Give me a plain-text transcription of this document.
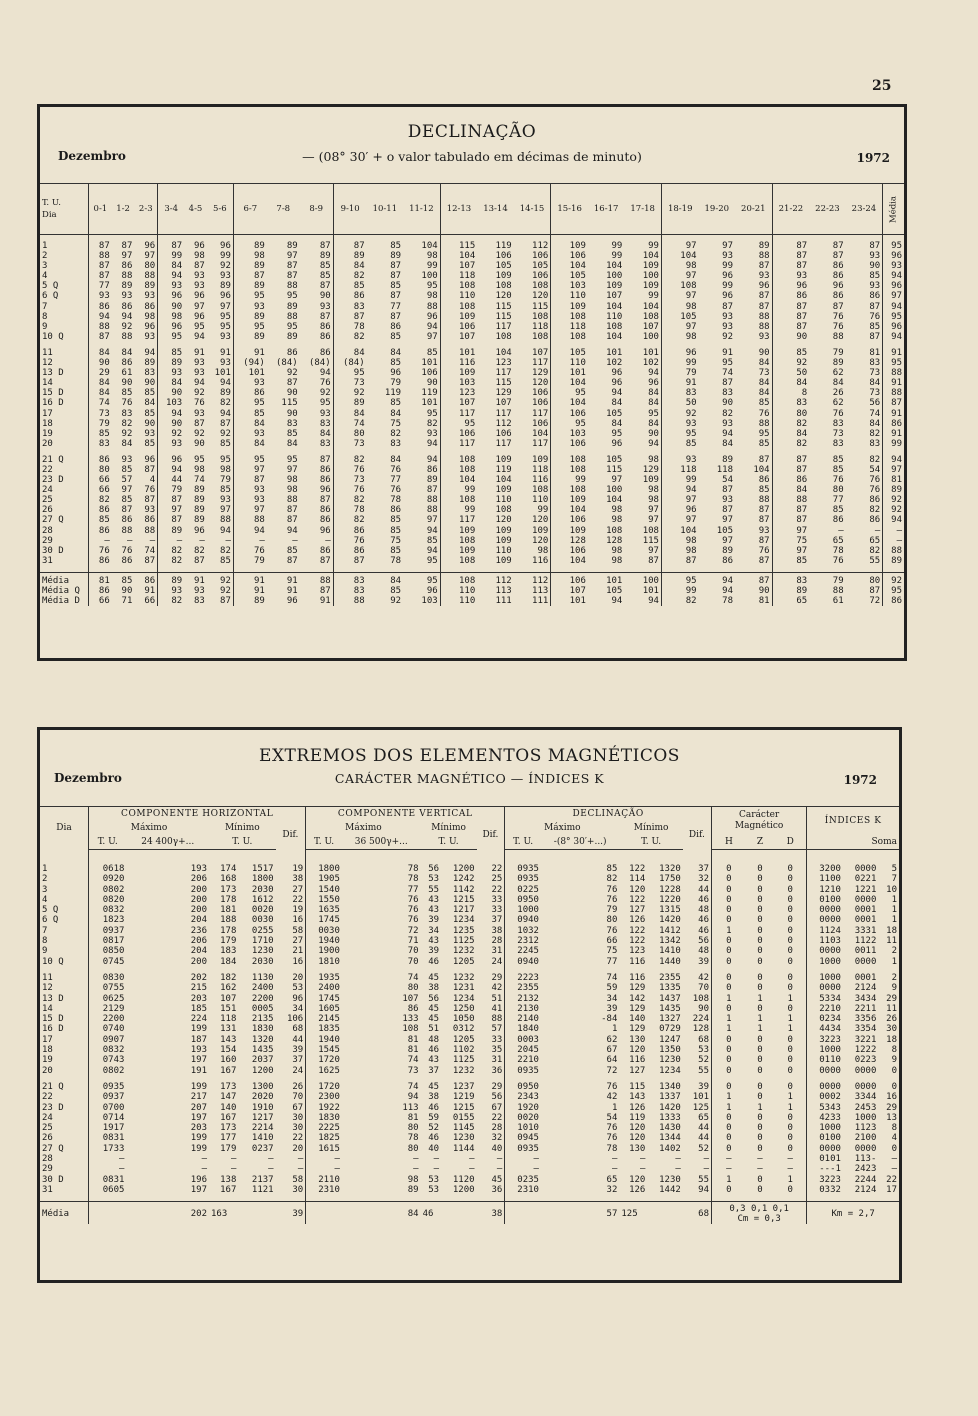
25
DECLINAÇÃO
Dezembro	— (08° 30′ + o valor tabulado em décimas de minuto)	1972
T. U.
Dia	0-1	1-2	2-3	3-4	4-5	5-6	6-7	7-8	8-9	9-10	10-11	11-12	12-13	13-14	14-15	15-16	16-17	17-18	18-19	19-20	20-21	21-22	22-23	23-24	Média

1	87	87	96	87	96	96	89	89	87	87	85	104	115	119	112	109	99	99	97	97	89	87	87	87	95
2	88	97	97	99	98	99	98	97	89	89	89	98	104	106	106	106	99	104	104	93	88	87	87	93	96
3	87	86	80	84	87	92	89	87	85	84	87	99	107	105	105	104	104	109	98	99	87	87	86	90	93
4	87	88	88	94	93	93	87	87	85	82	87	100	118	109	106	105	100	100	97	96	93	93	86	85	94
5 Q	77	89	89	93	93	89	89	88	87	85	85	95	108	108	108	103	109	109	108	99	96	96	96	93	96
6 Q	93	93	93	96	96	96	95	95	90	86	87	98	110	120	120	110	107	99	97	96	87	86	86	86	97
7	86	86	86	90	97	97	93	89	93	83	77	88	108	115	115	109	104	104	98	87	87	87	87	87	94
8	94	94	98	98	96	95	89	88	87	87	87	96	109	115	108	108	110	108	105	93	88	87	76	76	95
9	88	92	96	96	95	95	95	95	86	78	86	94	106	117	118	118	108	107	97	93	88	87	76	85	96
10 Q	87	88	93	95	94	93	89	89	86	82	85	97	107	108	108	108	104	100	98	92	93	90	88	87	94

11	84	84	94	85	91	91	91	86	86	84	84	85	101	104	107	105	101	101	96	91	90	85	79	81	91
12	90	86	89	89	93	93	(94)	(84)	(84)	(84)	85	101	116	123	117	110	102	102	99	95	84	92	89	83	95
13 D	29	61	83	93	93	101	101	92	94	95	96	106	109	117	129	101	96	94	79	74	73	50	62	73	88
14	84	90	90	84	94	94	93	87	76	73	79	90	103	115	120	104	96	96	91	87	84	84	84	84	91
15 D	84	85	85	90	92	89	86	90	92	92	119	119	123	129	106	95	94	84	83	83	84	8	26	73	88
16 D	74	76	84	103	76	82	95	115	95	89	85	101	107	107	106	104	84	84	50	90	85	83	62	56	87
17	73	83	85	94	93	94	85	90	93	84	84	95	117	117	117	106	105	95	92	82	76	80	76	74	91
18	79	82	90	90	87	87	84	83	83	74	75	82	95	112	106	95	84	84	93	93	88	82	83	84	86
19	85	92	93	92	92	92	93	85	84	80	82	93	106	106	104	103	95	90	95	94	95	84	73	82	91
20	83	84	85	93	90	85	84	84	83	73	83	94	117	117	117	106	96	94	85	84	85	82	83	83	99

21 Q	86	93	96	96	95	95	95	95	87	82	84	94	108	109	109	108	105	98	93	89	87	87	85	82	94
22	80	85	87	94	98	98	97	97	86	76	76	86	108	119	118	108	115	129	118	118	104	87	85	54	97
23 D	66	57	4	44	74	79	87	98	86	73	77	89	104	104	116	99	97	109	99	54	86	86	76	76	81
24	66	97	76	79	89	85	93	98	96	76	76	87	99	109	108	108	100	98	94	87	85	84	80	76	89
25	82	85	87	87	89	93	93	88	87	82	78	88	108	110	110	109	104	98	97	93	88	88	77	86	92
26	86	87	93	97	89	97	97	87	86	78	86	88	99	108	99	104	98	97	96	87	87	87	85	82	92
27 Q	85	86	86	87	89	88	88	87	86	82	85	97	117	120	120	106	98	97	97	97	87	87	86	86	94
28	86	88	88	89	96	94	94	94	96	86	85	94	109	109	109	109	108	108	104	105	93	97	—	—	—
29	—	—	—	—	—	—	—	—	—	76	75	85	108	109	120	128	128	115	98	97	87	75	65	65	—
30 D	76	76	74	82	82	82	76	85	86	86	85	94	109	110	98	106	98	97	98	89	76	97	78	82	88
31	86	86	87	82	87	85	79	87	87	87	78	95	108	109	116	104	98	87	87	86	87	85	76	55	89

Média	81	85	86	89	91	92	91	91	88	83	84	95	108	112	112	106	101	100	95	94	87	83	79	80	92
Média Q	86	90	91	93	93	92	91	91	87	83	85	96	110	113	113	107	105	101	99	94	90	89	88	87	95
Média D	66	71	66	82	83	87	89	96	91	88	92	103	110	111	111	101	94	94	82	78	81	65	61	72	86
EXTREMOS DOS ELEMENTOS MAGNÉTICOS
Dezembro	CARÁCTER MAGNÉTICO — ÍNDICES K	1972
Dia	COMPONENTE HORIZONTAL					COMPONENTE VERTICAL					DECLINAÇÃO					Carácter Magnético			ÍNDICES K		
	Máximo		Mínimo		Dif.	Máximo		Mínimo		Dif.	Máximo		Mínimo		Dif.						
	T. U.	24 400γ+...	T. U.			T. U.	36 500γ+...	T. U.			T. U.	-(8° 30′+...)	T. U.			H	Z	D	Soma		

1	0618	193	174	1517	19	1800	78	56	1200	22	0935	85	122	1320	37	0	0	0	3200	0000	5
2	0920	206	168	1800	38	1905	78	53	1242	25	0935	82	114	1750	32	0	0	0	1100	0221	7
3	0802	200	173	2030	27	1540	77	55	1142	22	0225	76	120	1228	44	0	0	0	1210	1221	10
4	0820	200	178	1612	22	1550	76	43	1215	33	0950	76	122	1220	46	0	0	0	0100	0000	1
5 Q	0832	200	181	0020	19	1635	76	43	1217	33	1000	79	127	1315	48	0	0	0	0000	0001	1
6 Q	1823	204	188	0030	16	1745	76	39	1234	37	0940	80	126	1420	46	0	0	0	0000	0001	1
7	0937	236	178	0255	58	0030	72	34	1235	38	1032	76	122	1412	46	1	0	0	1124	3331	18
8	0817	206	179	1710	27	1940	71	43	1125	28	2312	66	122	1342	56	0	0	0	1103	1122	11
9	0850	204	183	1230	21	1900	70	39	1232	31	2245	75	123	1410	48	0	0	0	0000	0011	2
10 Q	0745	200	184	2030	16	1810	70	46	1205	24	0940	77	116	1440	39	0	0	0	1000	0000	1

11	0830	202	182	1130	20	1935	74	45	1232	29	2223	74	116	2355	42	0	0	0	1000	0001	2
12	0755	215	162	2400	53	2400	80	38	1231	42	2355	59	129	1335	70	0	0	0	0000	2124	9
13 D	0625	203	107	2200	96	1745	107	56	1234	51	2132	34	142	1437	108	1	1	1	5334	3434	29
14	2129	185	151	0005	34	1605	86	45	1250	41	2130	39	129	1435	90	0	0	0	2210	2211	11
15 D	2200	224	118	2135	106	2145	133	45	1050	88	2140	-84	140	1327	224	1	1	1	0234	3356	26
16 D	0740	199	131	1830	68	1835	108	51	0312	57	1840	1	129	0729	128	1	1	1	4434	3354	30
17	0907	187	143	1320	44	1940	81	48	1205	33	0003	62	130	1247	68	0	0	0	3223	3221	18
18	0832	193	154	1435	39	1545	81	46	1102	35	2045	67	120	1350	53	0	0	0	1000	1222	8
19	0743	197	160	2037	37	1720	74	43	1125	31	2210	64	116	1230	52	0	0	0	0110	0223	9
20	0802	191	167	1200	24	1625	73	37	1232	36	0935	72	127	1234	55	0	0	0	0000	0000	0

21 Q	0935	199	173	1300	26	1720	74	45	1237	29	0950	76	115	1340	39	0	0	0	0000	0000	0
22	0937	217	147	2020	70	2300	94	38	1219	56	2343	42	143	1337	101	1	0	1	0002	3344	16
23 D	0700	207	140	1910	67	1922	113	46	1215	67	1920	1	126	1420	125	1	1	1	5343	2453	29
24	0714	197	167	1217	30	1830	81	59	0155	22	0020	54	119	1333	65	0	0	0	4233	1000	13
25	1917	203	173	2214	30	2225	80	52	1145	28	1010	76	120	1430	44	0	0	0	1000	1123	8
26	0831	199	177	1410	22	1825	78	46	1230	32	0945	76	120	1344	44	0	0	0	0100	2100	4
27 Q	1733	199	179	0237	20	1615	80	40	1144	40	0935	78	130	1402	52	0	0	0	0000	0000	0
28	—	—	—	—	—	—	—	—	—	—	—	—	—	—	—	—	—	—	0101	113-	—
29	—	—	—	—	—	—	—	—	—	—	—	—	—	—	—	—	—	—	---1	2423	—
30 D	0831	196	138	2137	58	2110	98	53	1120	45	0235	65	120	1230	55	1	0	1	3223	2244	22
31	0605	197	167	1121	30	2310	89	53	1200	36	2310	32	126	1442	94	0	0	0	0332	2124	17

Média		202	163		39		84	46		38		57	125		68	0,3 0,1 0,1
Cm = 0,3			Km = 2,7		
